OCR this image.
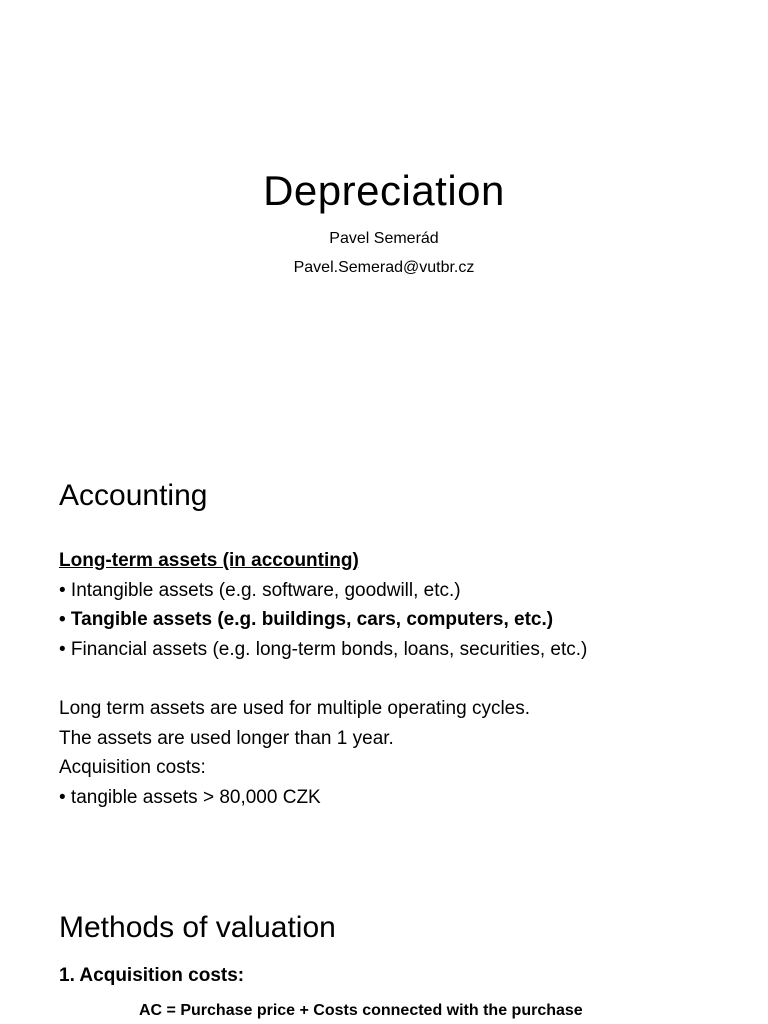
Depreciation
Pavel Semerád
Pavel.Semerad@vutbr.cz
Accounting
Long-term assets (in accounting)
• Intangible assets (e.g. software, goodwill, etc.)
• Tangible assets (e.g. buildings, cars, computers, etc.)
• Financial assets (e.g. long-term bonds, loans, securities, etc.)
Long term assets are used for multiple operating cycles.
The assets are used longer than 1 year.
Acquisition costs:
• tangible assets > 80,000 CZK
Methods of valuation
1. Acquisition costs:
AC = Purchase price + Costs connected with the purchase
